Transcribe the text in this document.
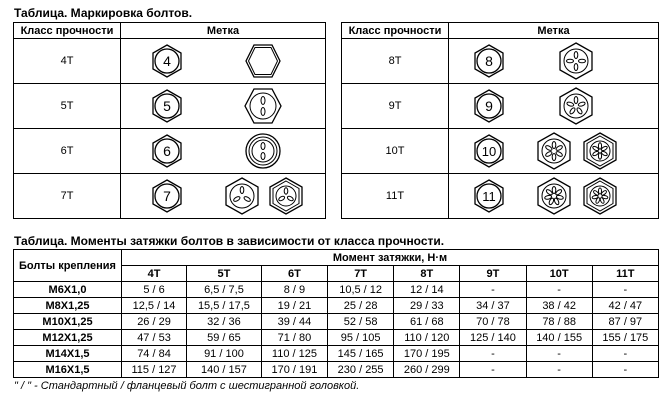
Таблица. Маркировка болтов.
Класс прочности	Метка
4T	4

5T	5

6T	6

7T	7
Класс прочности	Метка
8T	8

9T	9

10T	10

11T	11
Таблица. Моменты затяжки болтов в зависимости от класса прочности.
Болты крепления	Момент затяжки, Н·м							
	4T	5T	6T	7T	8T	9T	10T	11T
M6X1,0	5 / 6	6,5 / 7,5	8 / 9	10,5 / 12	12 / 14	-	-	-
M8X1,25	12,5 / 14	15,5 / 17,5	19 / 21	25 / 28	29 / 33	34 / 37	38 / 42	42 / 47
M10X1,25	26 / 29	32 / 36	39 / 44	52 / 58	61 / 68	70 / 78	78 / 88	87 / 97
M12X1,25	47 / 53	59 / 65	71 / 80	95 / 105	110 / 120	125 / 140	140 / 155	155 / 175
M14X1,5	74 / 84	91 / 100	110 / 125	145 / 165	170 / 195	-	-	-
M16X1,5	115 / 127	140 / 157	170 / 191	230 / 255	260 / 299	-	-	-
" / " - Стандартный / фланцевый болт с шестигранной головкой.
